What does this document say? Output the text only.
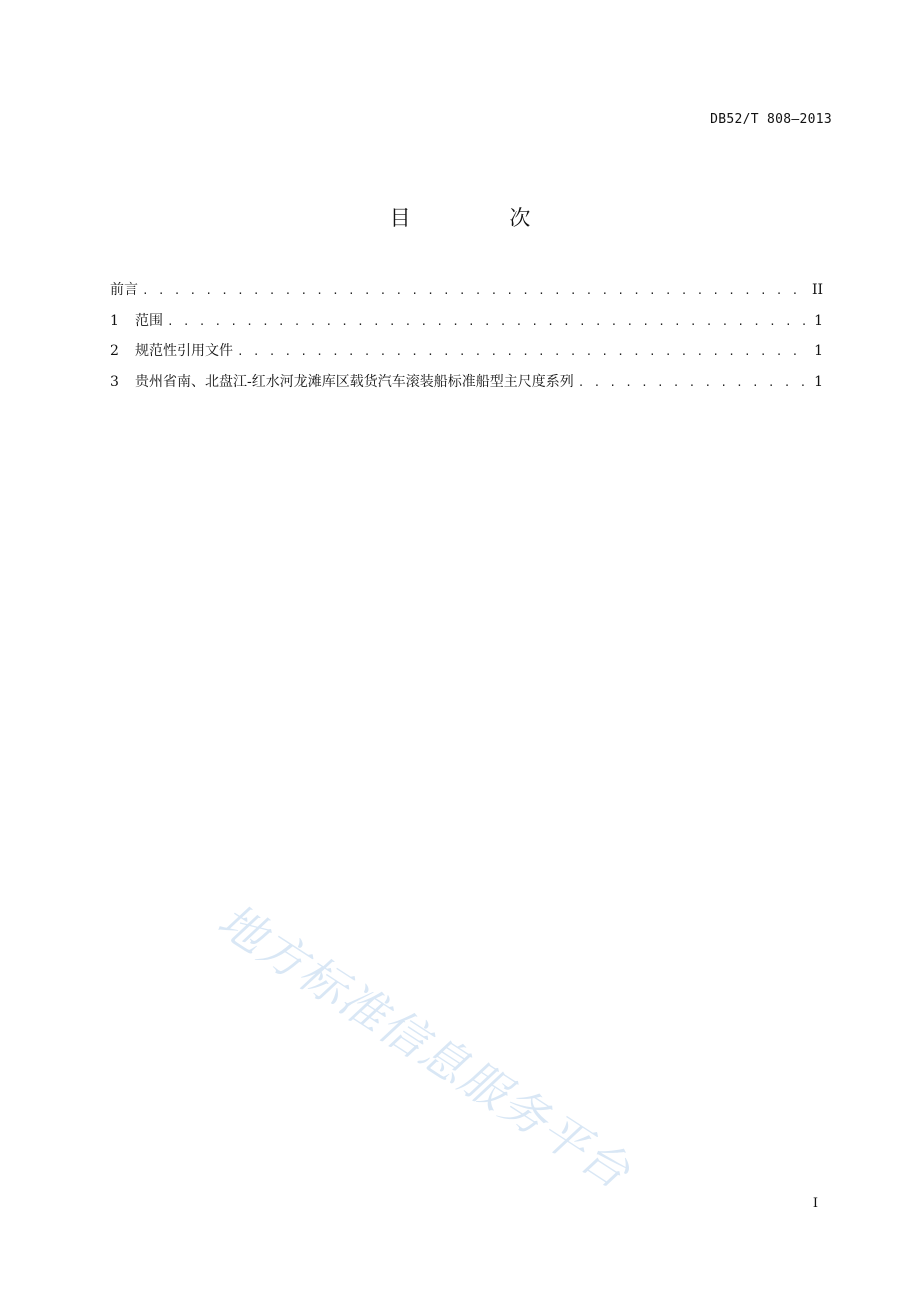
DB52/T 808—2013
目 次
前言 . . .	II
1	范围 . . .	1
2	规范性引用文件 . . .	1
3	贵州省南、北盘江-红水河龙滩库区载货汽车滚装船标准船型主尺度系列 . . .	1
地方标准信息服务平台
I
